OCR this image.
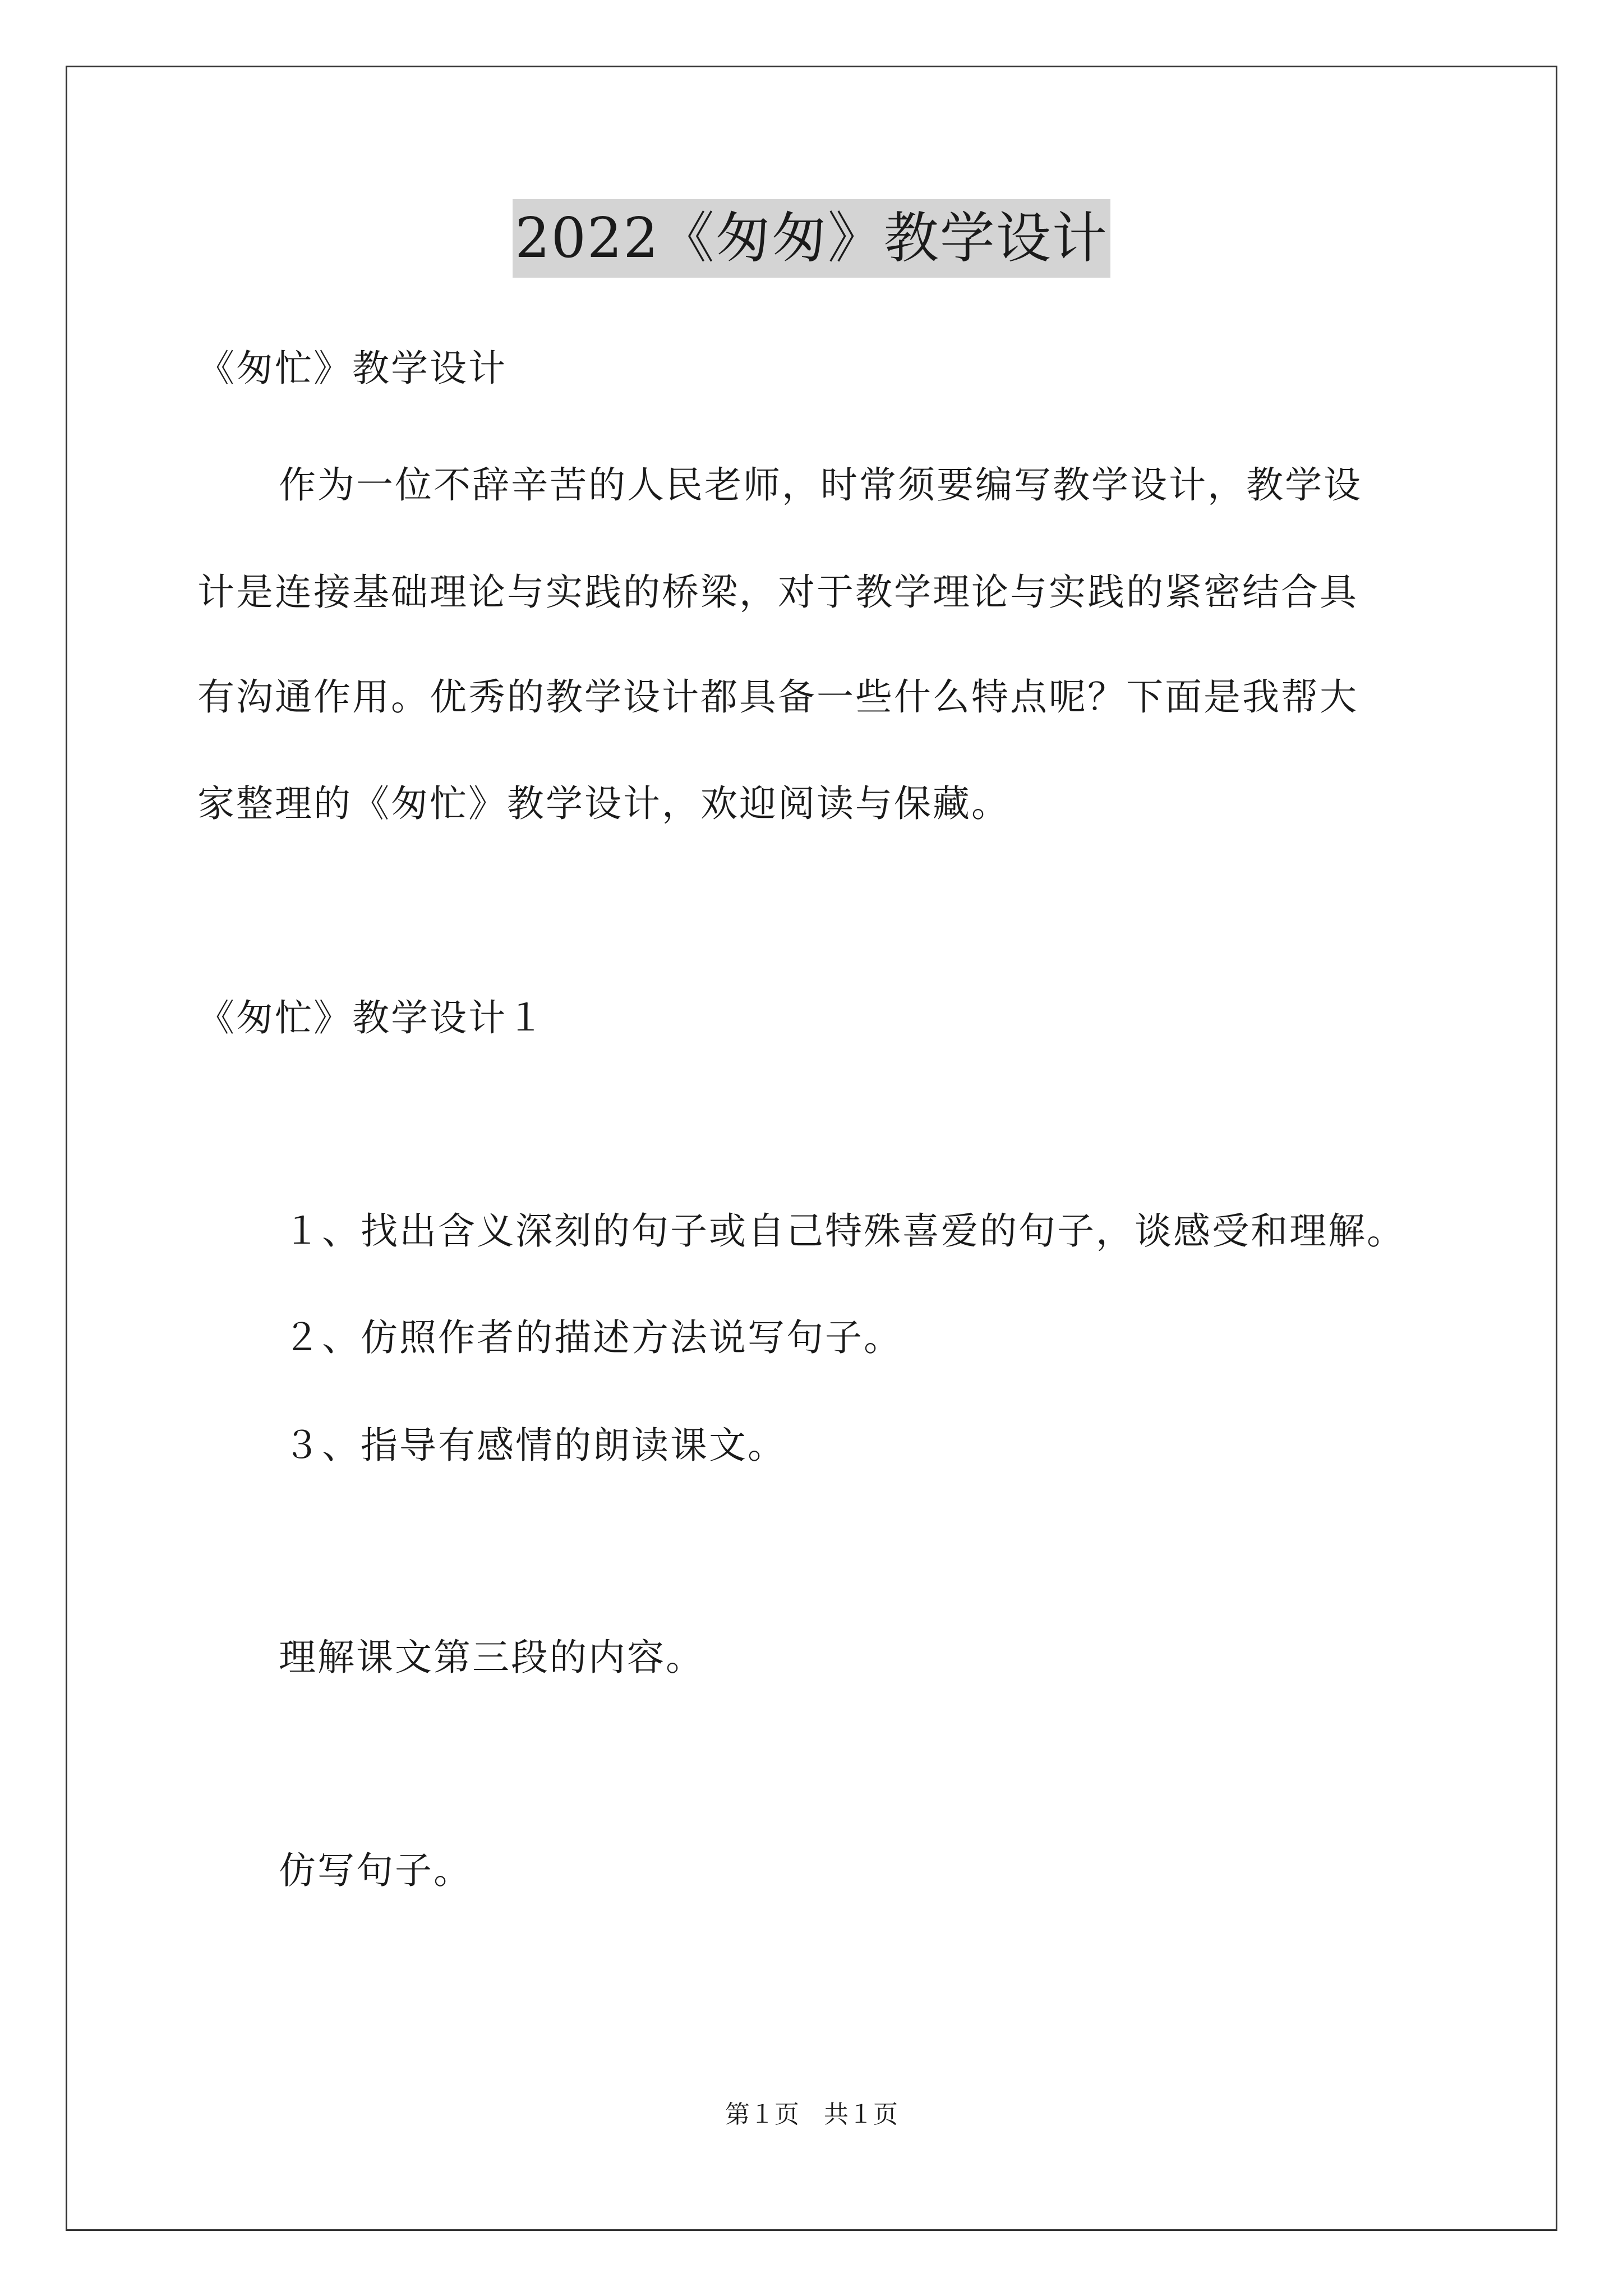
2022《匆匆》教学设计
《匆忙》教学设计
作为一位不辞辛苦的人民老师，时常须要编写教学设计，教学设
计是连接基础理论与实践的桥梁，对于教学理论与实践的紧密结合具
有沟通作用。优秀的教学设计都具备一些什么特点呢？下面是我帮大
家整理的《匆忙》教学设计，欢迎阅读与保藏。
《匆忙》教学设计１
１、找出含义深刻的句子或自己特殊喜爱的句子，谈感受和理解。
２、仿照作者的描述方法说写句子。
３、指导有感情的朗读课文。
理解课文第三段的内容。
仿写句子。
第１页　共１页
